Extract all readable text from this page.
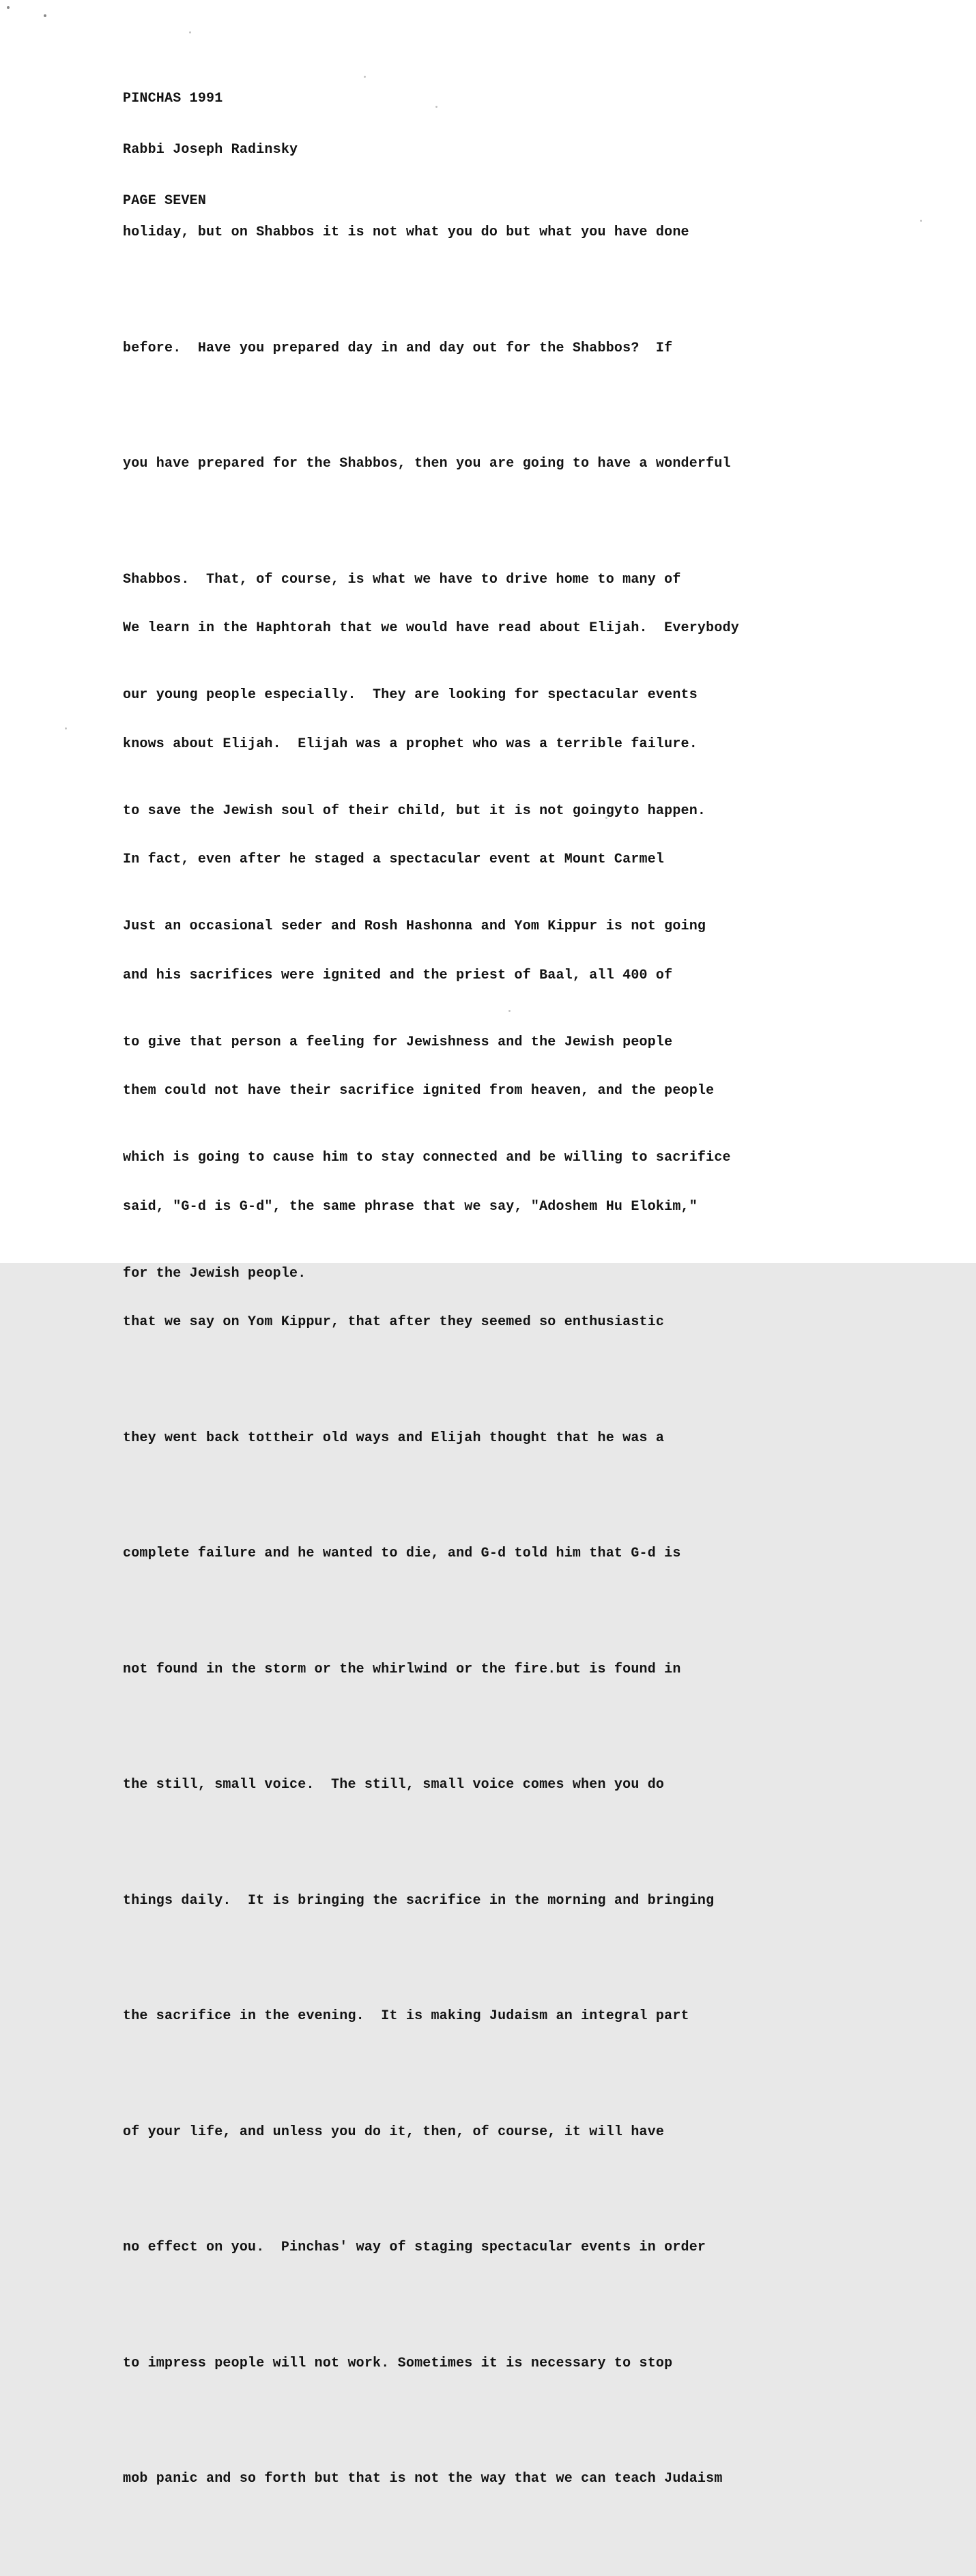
PINCHAS 1991

Rabbi Joseph Radinsky

PAGE SEVEN

holiday, but on Shabbos it is not what you do but what you have done

before.  Have you prepared day in and day out for the Shabbos?  If

you have prepared for the Shabbos, then you are going to have a wonderful

Shabbos.  That, of course, is what we have to drive home to many of

our young people especially.  They are looking for spectacular events

to save the Jewish soul of their child, but it is not goingyto happen.

Just an occasional seder and Rosh Hashonna and Yom Kippur is not going

to give that person a feeling for Jewishness and the Jewish people

which is going to cause him to stay connected and be willing to sacrifice

for the Jewish people.

We learn in the Haphtorah that we would have read about Elijah.  Everybody

knows about Elijah.  Elijah was a prophet who was a terrible failure.

In fact, even after he staged a spectacular event at Mount Carmel

and his sacrifices were ignited and the priest of Baal, all 400 of

them could not have their sacrifice ignited from heaven, and the people

said, "G-d is G-d", the same phrase that we say, "Adoshem Hu Elokim,"

that we say on Yom Kippur, that after they seemed so enthusiastic

they went back tottheir old ways and Elijah thought that he was a

complete failure and he wanted to die, and G-d told him that G-d is

not found in the storm or the whirlwind or the fire.but is found in

the still, small voice.  The still, small voice comes when you do

things daily.  It is bringing the sacrifice in the morning and bringing

the sacrifice in the evening.  It is making Judaism an integral part

of your life, and unless you do it, then, of course, it will have

no effect on you.  Pinchas' way of staging spectacular events in order

to impress people will not work. Sometimes it is necessary to stop

mob panic and so forth but that is not the way that we can teach Judaism
